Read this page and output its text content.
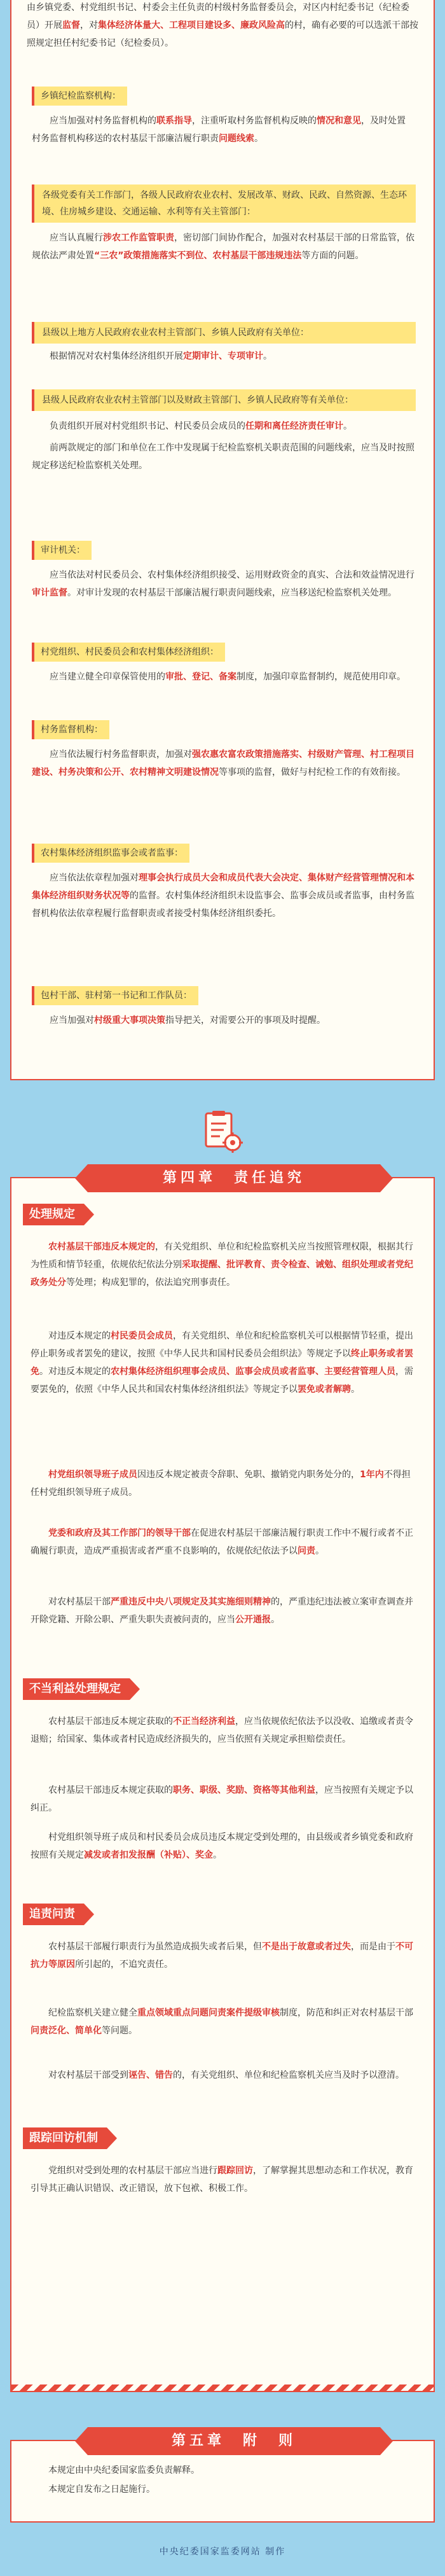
由乡镇党委、村党组织书记、村委会主任负责的村级村务监督委员会，对区内村纪委书记（纪检委员）开展监督，对集体经济体量大、工程项目建设多、廉政风险高的村，确有必要的可以选派干部按照规定担任村纪委书记（纪检委员）。
乡镇纪检监察机构：
应当加强对村务监督机构的联系指导，注重听取村务监督机构反映的情况和意见，及时处置村务监督机构移送的农村基层干部廉洁履行职责问题线索。
各级党委有关工作部门，各级人民政府农业农村、发展改革、财政、民政、自然资源、生态环境、住房城乡建设、交通运输、水利等有关主管部门：
应当认真履行涉农工作监管职责，密切部门间协作配合，加强对农村基层干部的日常监管，依规依法严肃处置“三农”政策措施落实不到位、农村基层干部违规违法等方面的问题。
县级以上地方人民政府农业农村主管部门、乡镇人民政府有关单位：
根据情况对农村集体经济组织开展定期审计、专项审计。
县级人民政府农业农村主管部门以及财政主管部门、乡镇人民政府等有关单位：
负责组织开展对村党组织书记、村民委员会成员的任期和离任经济责任审计。
前两款规定的部门和单位在工作中发现属于纪检监察机关职责范围的问题线索，应当及时按照规定移送纪检监察机关处理。
审计机关：
应当依法对村民委员会、农村集体经济组织接受、运用财政资金的真实、合法和效益情况进行审计监督。对审计发现的农村基层干部廉洁履行职责问题线索，应当移送纪检监察机关处理。
村党组织、村民委员会和农村集体经济组织：
应当建立健全印章保管使用的审批、登记、备案制度，加强印章监督制约，规范使用印章。
村务监督机构：
应当依法履行村务监督职责，加强对强农惠农富农政策措施落实、村级财产管理、村工程项目建设、村务决策和公开、农村精神文明建设情况等事项的监督，做好与村纪检工作的有效衔接。
农村集体经济组织监事会或者监事：
应当依法依章程加强对理事会执行成员大会和成员代表大会决定、集体财产经营管理情况和本集体经济组织财务状况等的监督。农村集体经济组织未设监事会、监事会成员或者监事，由村务监督机构依法依章程履行监督职责或者接受村集体经济组织委托。
包村干部、驻村第一书记和工作队员：
应当加强对村级重大事项决策指导把关，对需要公开的事项及时提醒。
第四章　责任追究
处理规定
农村基层干部违反本规定的，有关党组织、单位和纪检监察机关应当按照管理权限，根据其行为性质和情节轻重，依规依纪依法分别采取提醒、批评教育、责令检查、诫勉、组织处理或者党纪政务处分等处理；构成犯罪的，依法追究刑事责任。
对违反本规定的村民委员会成员，有关党组织、单位和纪检监察机关可以根据情节轻重，提出停止职务或者罢免的建议，按照《中华人民共和国村民委员会组织法》等规定予以终止职务或者罢免。对违反本规定的农村集体经济组织理事会成员、监事会成员或者监事、主要经营管理人员，需要罢免的，依照《中华人民共和国农村集体经济组织法》等规定予以罢免或者解聘。
村党组织领导班子成员因违反本规定被责令辞职、免职、撤销党内职务处分的，1年内不得担任村党组织领导班子成员。
党委和政府及其工作部门的领导干部在促进农村基层干部廉洁履行职责工作中不履行或者不正确履行职责，造成严重损害或者严重不良影响的，依规依纪依法予以问责。
对农村基层干部严重违反中央八项规定及其实施细则精神的，严重违纪违法被立案审查调查并开除党籍、开除公职、严重失职失责被问责的，应当公开通报。
不当利益处理规定
农村基层干部违反本规定获取的不正当经济利益，应当依规依纪依法予以没收、追缴或者责令退赔；给国家、集体或者村民造成经济损失的，应当依照有关规定承担赔偿责任。
农村基层干部违反本规定获取的职务、职级、奖励、资格等其他利益，应当按照有关规定予以纠正。
村党组织领导班子成员和村民委员会成员违反本规定受到处理的，由县级或者乡镇党委和政府按照有关规定减发或者扣发报酬（补贴）、奖金。
追责问责
农村基层干部履行职责行为虽然造成损失或者后果，但不是出于故意或者过失，而是由于不可抗力等原因所引起的，不追究责任。
纪检监察机关建立健全重点领域重点问题问责案件提级审核制度，防范和纠正对农村基层干部问责泛化、简单化等问题。
对农村基层干部受到诬告、错告的，有关党组织、单位和纪检监察机关应当及时予以澄清。
跟踪回访机制
党组织对受到处理的农村基层干部应当进行跟踪回访，了解掌握其思想动态和工作状况，教育引导其正确认识错误、改正错误，放下包袱、积极工作。
第五章　附　则
本规定由中央纪委国家监委负责解释。
本规定自发布之日起施行。
中央纪委国家监委网站 制作
